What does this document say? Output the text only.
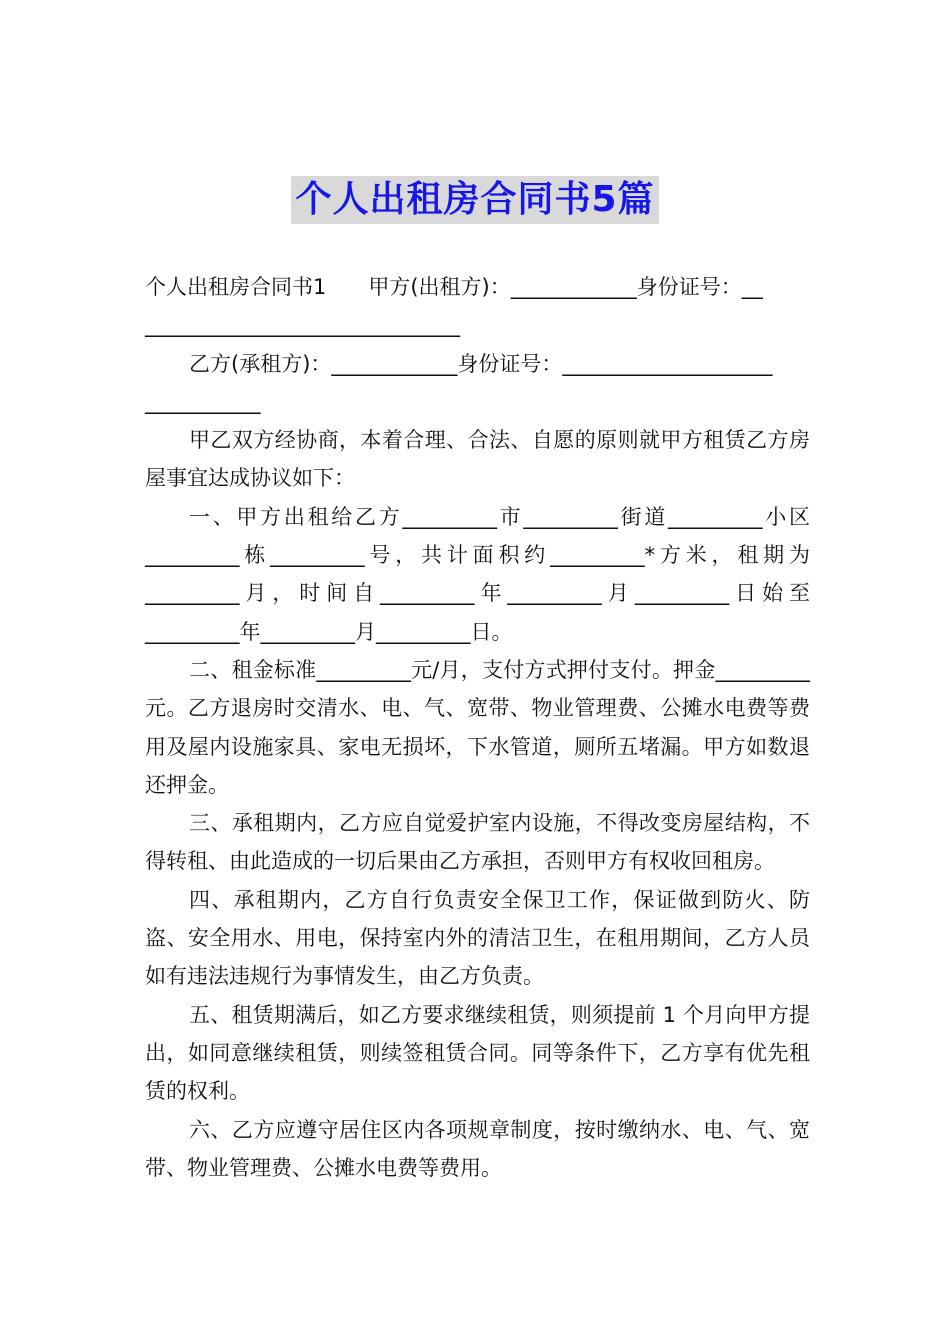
个人出租房合同书5篇

个人出租房合同书1　　甲方(出租方)：____________身份证号：__

______________________________

乙方(承租方)：____________身份证号：____________________

___________

甲乙双方经协商，本着合理、合法、自愿的原则就甲方租赁乙方房屋事宜达成协议如下：

一、甲方出租给乙方_________市_________街道_________小区_________栋_________号，共计面积约_________*方米，租期为_________月，时间自_________年_________月_________日始至_________年_________月_________日。

二、租金标准_________元/月，支付方式押付支付。押金_________元。乙方退房时交清水、电、气、宽带、物业管理费、公摊水电费等费用及屋内设施家具、家电无损坏，下水管道，厕所五堵漏。甲方如数退还押金。

三、承租期内，乙方应自觉爱护室内设施，不得改变房屋结构，不得转租、由此造成的一切后果由乙方承担，否则甲方有权收回租房。

四、承租期内，乙方自行负责安全保卫工作，保证做到防火、防盗、安全用水、用电，保持室内外的清洁卫生，在租用期间，乙方人员如有违法违规行为事情发生，由乙方负责。

五、租赁期满后，如乙方要求继续租赁，则须提前 1 个月向甲方提出，如同意继续租赁，则续签租赁合同。同等条件下，乙方享有优先租赁的权利。

六、乙方应遵守居住区内各项规章制度，按时缴纳水、电、气、宽带、物业管理费、公摊水电费等费用。
